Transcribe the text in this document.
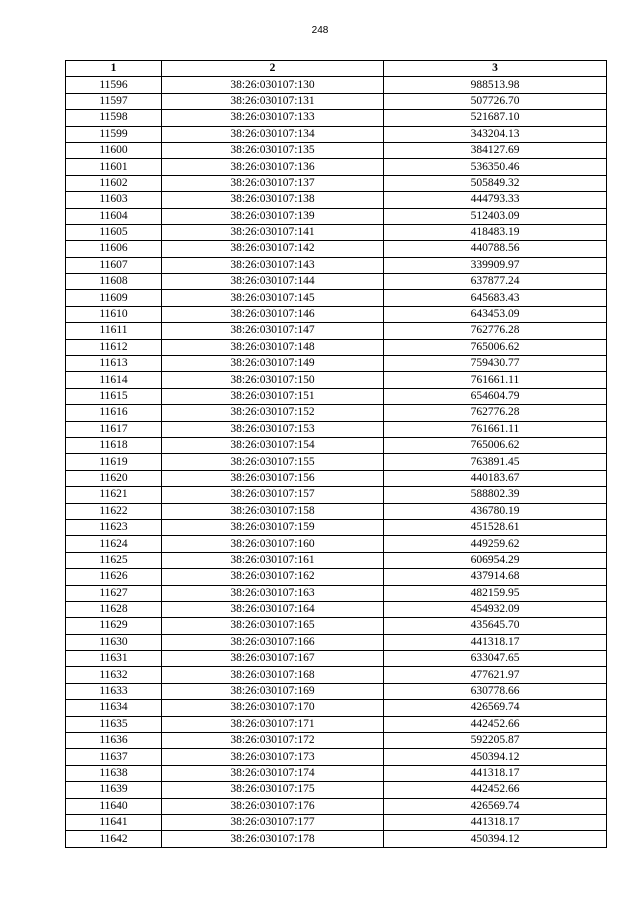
248
1	2	3
11596	38:26:030107:130	988513.98
11597	38:26:030107:131	507726.70
11598	38:26:030107:133	521687.10
11599	38:26:030107:134	343204.13
11600	38:26:030107:135	384127.69
11601	38:26:030107:136	536350.46
11602	38:26:030107:137	505849.32
11603	38:26:030107:138	444793.33
11604	38:26:030107:139	512403.09
11605	38:26:030107:141	418483.19
11606	38:26:030107:142	440788.56
11607	38:26:030107:143	339909.97
11608	38:26:030107:144	637877.24
11609	38:26:030107:145	645683.43
11610	38:26:030107:146	643453.09
11611	38:26:030107:147	762776.28
11612	38:26:030107:148	765006.62
11613	38:26:030107:149	759430.77
11614	38:26:030107:150	761661.11
11615	38:26:030107:151	654604.79
11616	38:26:030107:152	762776.28
11617	38:26:030107:153	761661.11
11618	38:26:030107:154	765006.62
11619	38:26:030107:155	763891.45
11620	38:26:030107:156	440183.67
11621	38:26:030107:157	588802.39
11622	38:26:030107:158	436780.19
11623	38:26:030107:159	451528.61
11624	38:26:030107:160	449259.62
11625	38:26:030107:161	606954.29
11626	38:26:030107:162	437914.68
11627	38:26:030107:163	482159.95
11628	38:26:030107:164	454932.09
11629	38:26:030107:165	435645.70
11630	38:26:030107:166	441318.17
11631	38:26:030107:167	633047.65
11632	38:26:030107:168	477621.97
11633	38:26:030107:169	630778.66
11634	38:26:030107:170	426569.74
11635	38:26:030107:171	442452.66
11636	38:26:030107:172	592205.87
11637	38:26:030107:173	450394.12
11638	38:26:030107:174	441318.17
11639	38:26:030107:175	442452.66
11640	38:26:030107:176	426569.74
11641	38:26:030107:177	441318.17
11642	38:26:030107:178	450394.12
